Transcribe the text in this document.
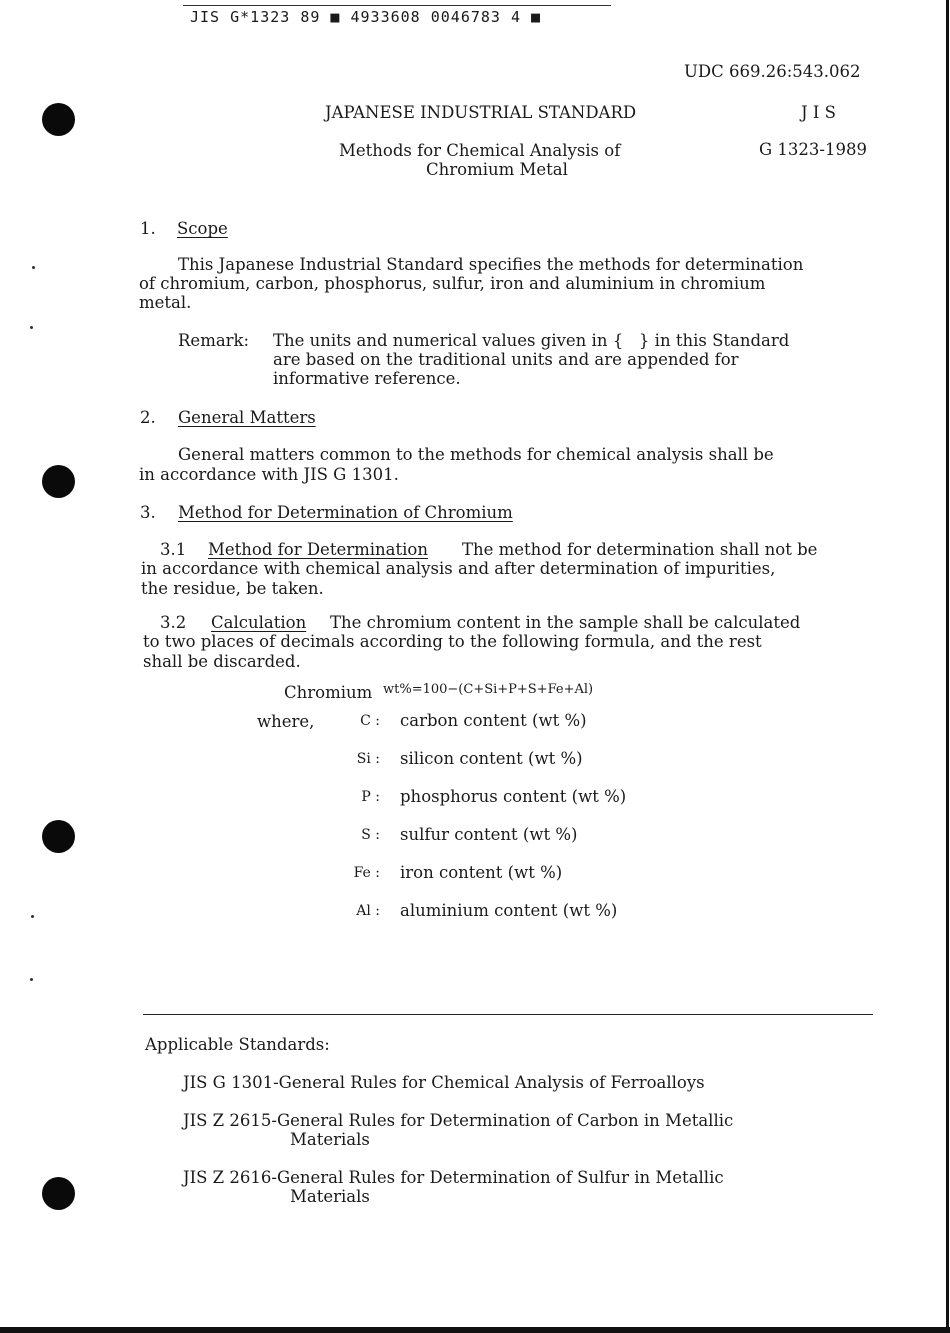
JIS G*1323 89 ■ 4933608 0046783 4 ■
UDC 669.26:543.062
JAPANESE INDUSTRIAL STANDARD	J I S
Methods for Chemical Analysis of
Chromium Metal
G 1323-1989
1. Scope
This Japanese Industrial Standard specifies the methods for determination
of chromium, carbon, phosphorus, sulfur, iron and aluminium in chromium
metal.
Remark: The units and numerical values given in {   } in this Standard
are based on the traditional units and are appended for
informative reference.
2. General Matters
General matters common to the methods for chemical analysis shall be
in accordance with JIS G 1301.
3. Method for Determination of Chromium
3.1 Method for Determination The method for determination shall not be
in accordance with chemical analysis and after determination of impurities,
the residue, be taken.
3.2 Calculation The chromium content in the sample shall be calculated
to two places of decimals according to the following formula, and the rest
shall be discarded.
Chromium wt%=100−(C+Si+P+S+Fe+Al)
where,	C : carbon content (wt %)
Si : silicon content (wt %)
P : phosphorus content (wt %)
S : sulfur content (wt %)
Fe : iron content (wt %)
Al : aluminium content (wt %)
Applicable Standards:
JIS G 1301-General Rules for Chemical Analysis of Ferroalloys
JIS Z 2615-General Rules for Determination of Carbon in Metallic
Materials
JIS Z 2616-General Rules for Determination of Sulfur in Metallic
Materials
